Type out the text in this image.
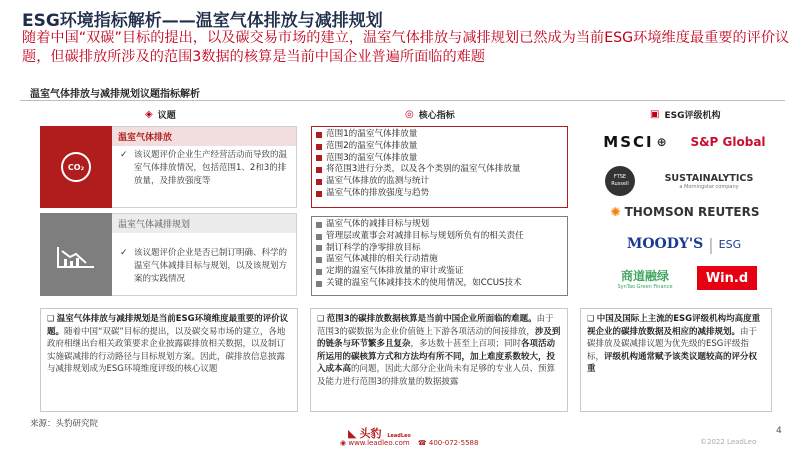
ESG环境指标解析——温室气体排放与减排规划
随着中国“双碳”目标的提出，以及碳交易市场的建立，温室气体排放与减排规划已然成为当前ESG环境维度最重要的评价议题，但碳排放所涉及的范围3数据的核算是当前中国企业普遍所面临的难题
温室气体排放与减排规划议题指标解析
◈ 议题	◎ 核心指标	▣ ESG评级机构
CO₂
温室气体排放
✓ 该议题评价企业生产经营活动而导致的温室气体排放情况，包括范围1、2和3的排放量，及排放强度等
温室气体减排规划
✓ 该议题评价企业是否已制订明确、科学的温室气体减排目标与规划，以及该规划方案的实践情况
范围1的温室气体排放量
范围2的温室气体排放量
范围3的温室气体排放量
将范围3进行分类，以及各个类别的温室气体排放量
温室气体排放的监测与统计
温室气体的排放强度与趋势
温室气体的减排目标与规划
管理层或董事会对减排目标与规划所负有的相关责任
制订科学的净零排放目标
温室气体减排的相关行动措施
定期的温室气体排放量的审计或鉴证
关键的温室气体减排技术的使用情况，如CCUS技术
MSCI ⊕	S&P Global
FTSE Russell
SUSTAINALYTICS
a Morningstar company
✺ THOMSON REUTERS
MOODY'S | ESG
商道融绿
SynTao Green Finance
Win.d
❑ 温室气体排放与减排规划是当前ESG环境维度最重要的评价议题。随着中国“双碳”目标的提出，以及碳交易市场的建立，各地政府相继出台相关政策要求企业披露碳排放相关数据，以及制订实施碳减排的行动路径与目标规划方案。因此，碳排放信息披露与减排规划成为ESG环境维度评级的核心议题
❑ 范围3的碳排放数据核算是当前中国企业所面临的难题。由于范围3的碳数据为企业价值链上下游各项活动的间接排放，涉及到的链条与环节繁多且复杂，多达数十甚至上百项；同时各项活动所运用的碳核算方式和方法均有所不同，加上难度系数较大，投入成本高的问题，因此大部分企业尚未有足够的专业人员、预算及能力进行范围3的排放量的数据披露
❑ 中国及国际上主流的ESG评级机构均高度重视企业的碳排放数据及相应的减排规划。由于碳排放及碳减排议题为优先级的ESG评级指标，评级机构通常赋予该类议题较高的评分权重
来源：头豹研究院
◣ 头豹 LeadLeo
◉ www.leadleo.com ☎ 400-072-5588
4
©2022 LeadLeo
